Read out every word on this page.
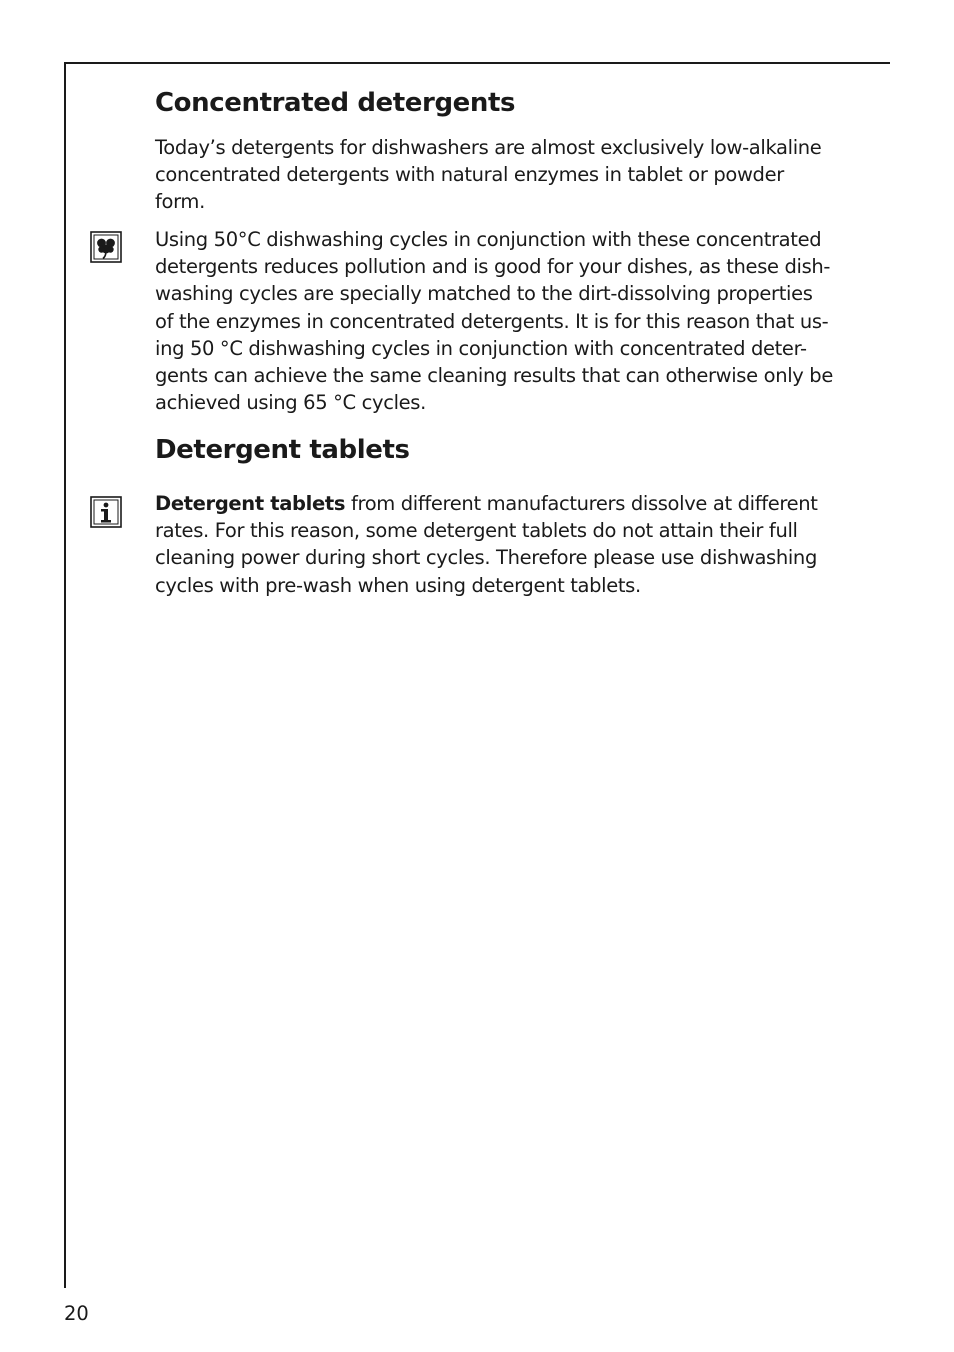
Concentrated detergents

Today’s detergents for dishwashers are almost exclusively low-alkaline
concentrated detergents with natural enzymes in tablet or powder
form.

Using 50°C dishwashing cycles in conjunction with these concentrated
detergents reduces pollution and is good for your dishes, as these dish-
washing cycles are specially matched to the dirt-dissolving properties
of the enzymes in concentrated detergents. It is for this reason that us-
ing 50 °C dishwashing cycles in conjunction with concentrated deter-
gents can achieve the same cleaning results that can otherwise only be
achieved using 65 °C cycles.

Detergent tablets

Detergent tablets from different manufacturers dissolve at different
rates. For this reason, some detergent tablets do not attain their full
cleaning power during short cycles. Therefore please use dishwashing
cycles with pre-wash when using detergent tablets.

20
